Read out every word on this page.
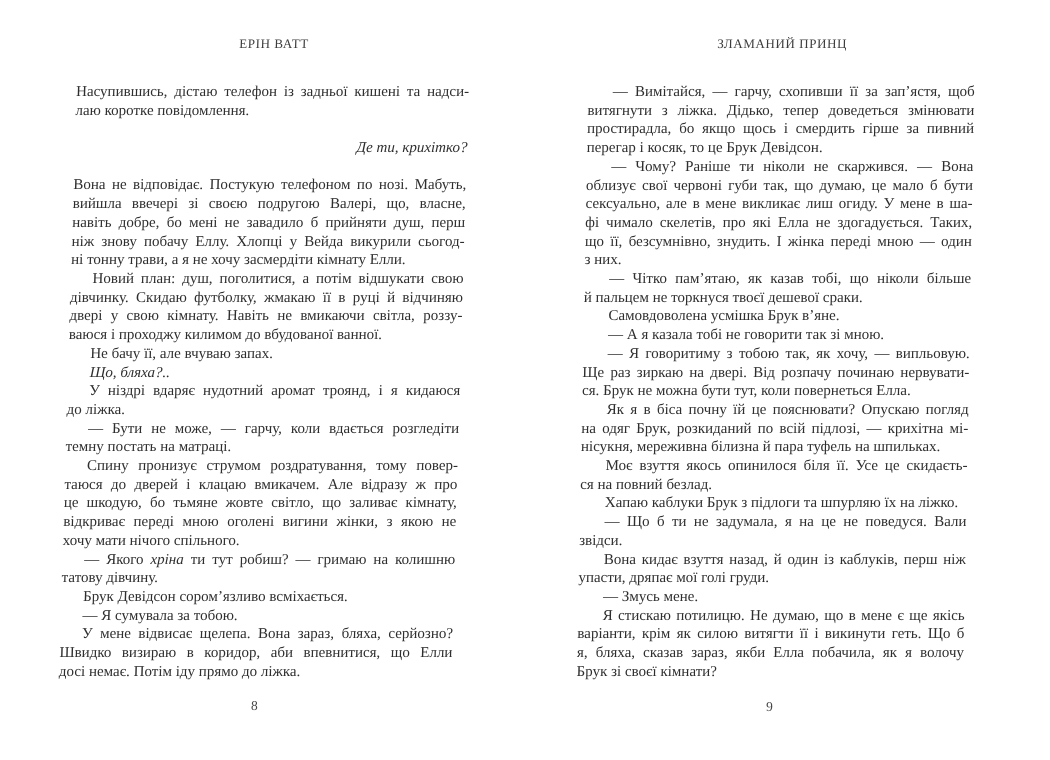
ЕРІН ВАТТ
Насупившись, дістаю телефон із задньої кишені та надси-
лаю коротке повідомлення.
Де ти, крихітко?
Вона не відповідає. Постукую телефоном по нозі. Мабуть,
вийшла ввечері зі своєю подругою Валері, що, власне,
навіть добре, бо мені не завадило б прийняти душ, перш
ніж знову побачу Еллу. Хлопці у Вейда викурили сьогод-
ні тонну трави, а я не хочу засмердіти кімнату Елли.
Новий план: душ, поголитися, а потім відшукати свою
дівчинку. Скидаю футболку, жмакаю її в руці й відчиняю
двері у свою кімнату. Навіть не вмикаючи світла, роззу-
ваюся і проходжу килимом до вбудованої ванної.
Не бачу її, але вчуваю запах.
Що, бляха?..
У ніздрі вдаряє нудотний аромат троянд, і я кидаюся
до ліжка.
— Бути не може, — гарчу, коли вдається розгледіти
темну постать на матраці.
Спину пронизує струмом роздратування, тому повер-
таюся до дверей і клацаю вмикачем. Але відразу ж про
це шкодую, бо тьмяне жовте світло, що заливає кімнату,
відкриває переді мною оголені вигини жінки, з якою не
хочу мати нічого спільного.
— Якого хріна ти тут робиш? — гримаю на колишню
татову дівчину.
Брук Девідсон сором’язливо всміхається.
— Я сумувала за тобою.
У мене відвисає щелепа. Вона зараз, бляха, серйозно?
Швидко визираю в коридор, аби впевнитися, що Елли
досі немає. Потім іду прямо до ліжка.
8
ЗЛАМАНИЙ ПРИНЦ
— Вимітайся, — гарчу, схопивши її за зап’ястя, щоб
витягнути з ліжка. Дідько, тепер доведеться змінювати
простирадла, бо якщо щось і смердить гірше за пивний
перегар і косяк, то це Брук Девідсон.
— Чому? Раніше ти ніколи не скаржився. — Вона
облизує свої червоні губи так, що думаю, це мало б бути
сексуально, але в мене викликає лиш огиду. У мене в ша-
фі чимало скелетів, про які Елла не здогадується. Таких,
що її, безсумнівно, знудить. І жінка переді мною — один
з них.
— Чітко пам’ятаю, як казав тобі, що ніколи більше
й пальцем не торкнуся твоєї дешевої сраки.
Самовдоволена усмішка Брук в’яне.
— А я казала тобі не говорити так зі мною.
— Я говоритиму з тобою так, як хочу, — випльовую.
Ще раз зиркаю на двері. Від розпачу починаю нервувати-
ся. Брук не можна бути тут, коли повернеться Елла.
Як я в біса почну їй це пояснювати? Опускаю погляд
на одяг Брук, розкиданий по всій підлозі, — крихітна мі-
нісукня, мереживна білизна й пара туфель на шпильках.
Моє взуття якось опинилося біля її. Усе це скидаєть-
ся на повний безлад.
Хапаю каблуки Брук з підлоги та шпурляю їх на ліжко.
— Що б ти не задумала, я на це не поведуся. Вали
звідси.
Вона кидає взуття назад, й один із каблуків, перш ніж
упасти, дряпає мої голі груди.
— Змусь мене.
Я стискаю потилицю. Не думаю, що в мене є ще якісь
варіанти, крім як силою витягти її і викинути геть. Що б
я, бляха, сказав зараз, якби Елла побачила, як я волочу
Брук зі своєї кімнати?
9
